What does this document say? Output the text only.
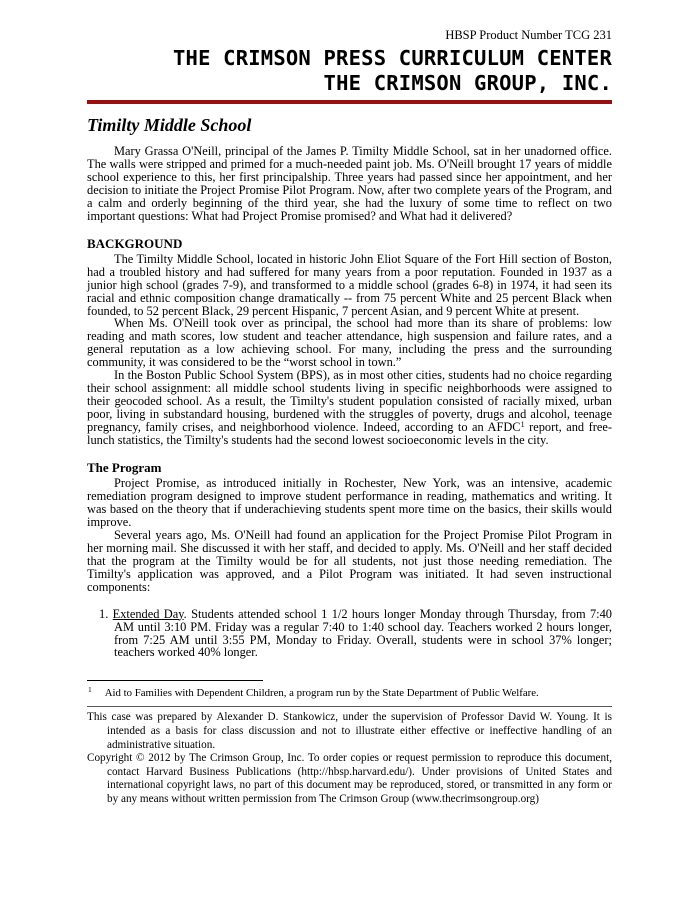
HBSP Product Number TCG 231
THE CRIMSON PRESS CURRICULUM CENTER
THE CRIMSON GROUP, INC.
Timilty Middle School

Mary Grassa O'Neill, principal of the James P. Timilty Middle School, sat in her unadorned office. The walls were stripped and primed for a much-needed paint job. Ms. O'Neill brought 17 years of middle school experience to this, her first principalship. Three years had passed since her appointment, and her decision to initiate the Project Promise Pilot Program. Now, after two complete years of the Program, and a calm and orderly beginning of the third year, she had the luxury of some time to reflect on two important questions: What had Project Promise promised? and What had it delivered?

BACKGROUND

The Timilty Middle School, located in historic John Eliot Square of the Fort Hill section of Boston, had a troubled history and had suffered for many years from a poor reputation. Founded in 1937 as a junior high school (grades 7-9), and transformed to a middle school (grades 6-8) in 1974, it had seen its racial and ethnic composition change dramatically -- from 75 percent White and 25 percent Black when founded, to 52 percent Black, 29 percent Hispanic, 7 percent Asian, and 9 percent White at present.

When Ms. O'Neill took over as principal, the school had more than its share of problems: low reading and math scores, low student and teacher attendance, high suspension and failure rates, and a general reputation as a low achieving school. For many, including the press and the surrounding community, it was considered to be the “worst school in town.”

In the Boston Public School System (BPS), as in most other cities, students had no choice regarding their school assignment: all middle school students living in specific neighborhoods were assigned to their geocoded school. As a result, the Timilty's student population consisted of racially mixed, urban poor, living in substandard housing, burdened with the struggles of poverty, drugs and alcohol, teenage pregnancy, family crises, and neighborhood violence. Indeed, according to an AFDC$^1$ report, and free-lunch statistics, the Timilty's students had the second lowest socioeconomic levels in the city.

The Program

Project Promise, as introduced initially in Rochester, New York, was an intensive, academic remediation program designed to improve student performance in reading, mathematics and writing. It was based on the theory that if underachieving students spent more time on the basics, their skills would improve.

Several years ago, Ms. O'Neill had found an application for the Project Promise Pilot Program in her morning mail. She discussed it with her staff, and decided to apply. Ms. O'Neill and her staff decided that the program at the Timilty would be for all students, not just those needing remediation. The Timilty's application was approved, and a Pilot Program was initiated. It had seven instructional components:

1. Extended Day. Students attended school 1 1/2 hours longer Monday through Thursday, from 7:40 AM until 3:10 PM. Friday was a regular 7:40 to 1:40 school day. Teachers worked 2 hours longer, from 7:25 AM until 3:55 PM, Monday to Friday. Overall, students were in school 37% longer; teachers worked 40% longer.

$^1$ Aid to Families with Dependent Children, a program run by the State Department of Public Welfare.

This case was prepared by Alexander D. Stankowicz, under the supervision of Professor David W. Young. It is intended as a basis for class discussion and not to illustrate either effective or ineffective handling of an administrative situation.

Copyright © 2012 by The Crimson Group, Inc. To order copies or request permission to reproduce this document, contact Harvard Business Publications (http://hbsp.harvard.edu/). Under provisions of United States and international copyright laws, no part of this document may be reproduced, stored, or transmitted in any form or by any means without written permission from The Crimson Group (www.thecrimsongroup.org)
